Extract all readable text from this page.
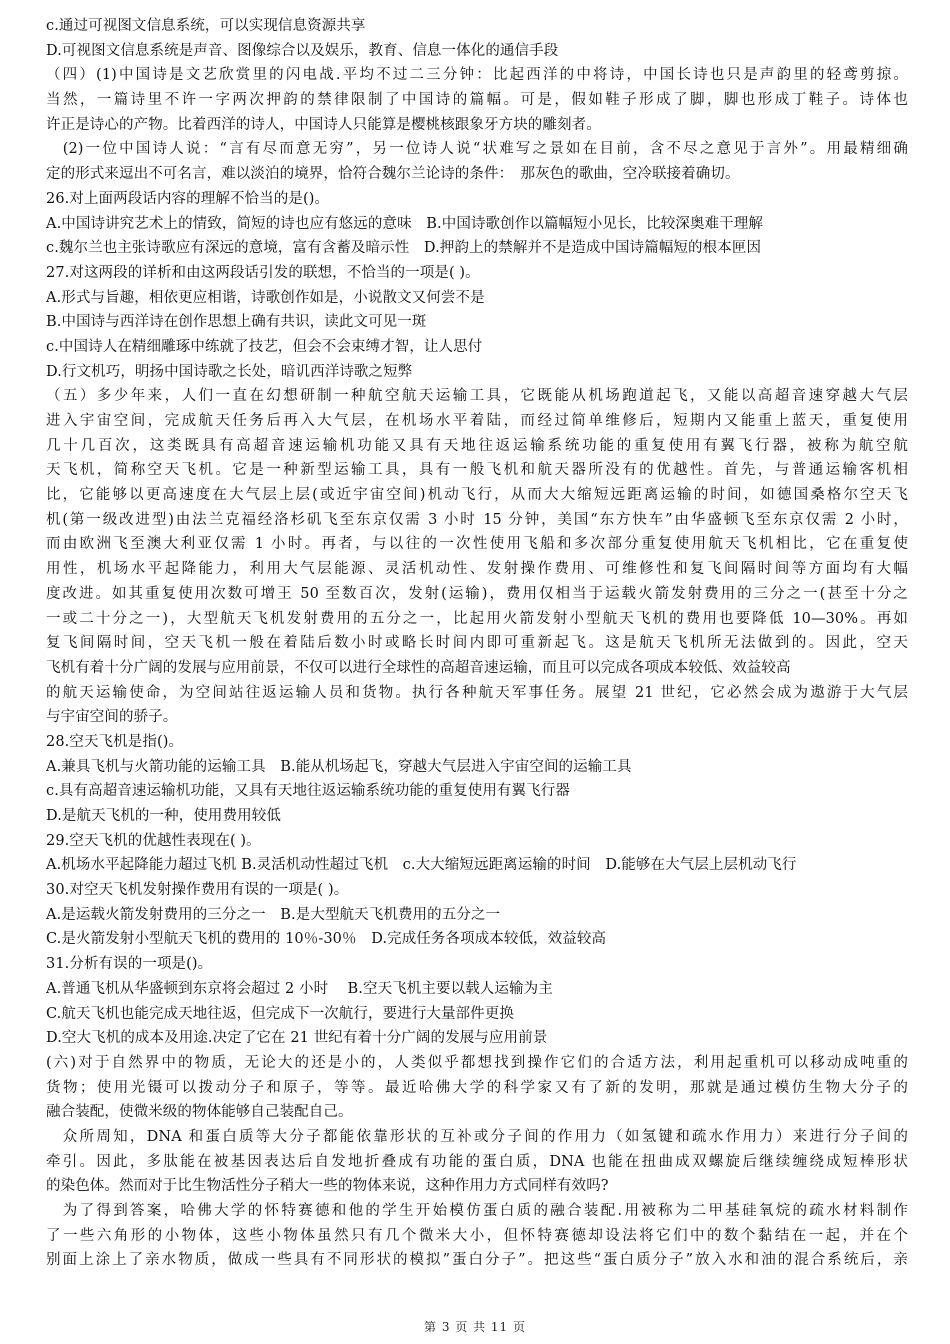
c.通过可视图文信息系统，可以实现信息资源共享
D.可视图文信息系统是声音、图像综合以及娱乐，教育、信息一体化的通信手段
（四）(1)中国诗是文艺欣赏里的闪电战.平均不过二三分钟：比起西洋的中将诗，中国长诗也只是声韵里的轻鸢剪掠。
当然，一篇诗里不许一字两次押韵的禁律限制了中国诗的篇幅。可是，假如鞋子形成了脚，脚也形成丁鞋子。诗体也
许正是诗心的产物。比着西洋的诗人，中国诗人只能算是樱桃核跟象牙方块的雕刻者。
　(2)一位中国诗人说：“言有尽而意无穷”，另一位诗人说“状难写之景如在目前，含不尽之意见于言外”。用最精细确
定的形式来逗出不可名言，难以淡泊的境界，恰符合魏尔兰论诗的条件：　那灰色的歌曲，空冷联接着确切。
26.对上面两段话内容的理解不恰当的是()。
A.中国诗讲究艺术上的情致，简短的诗也应有悠远的意味　B.中国诗歌创作以篇幅短小见长，比较深奥难干理解
c.魏尔兰也主张诗歌应有深远的意境，富有含蓄及暗示性　D.押韵上的禁解并不是造成中国诗篇幅短的根本匣因
27.对这两段的详析和由这两段话引发的联想，不恰当的一项是( )。
A.形式与旨趣，相依更应相谐，诗歌创作如是，小说散文又何尝不是
B.中国诗与西洋诗在创作思想上确有共识，读此文可见一斑
c.中国诗人在精细雕琢中练就了技艺，但会不会束缚才智，让人思付
D.行文机巧，明扬中国诗歌之长处，暗讥西洋诗歌之短弊
（五）多少年来，人们一直在幻想研制一种航空航天运输工具，它既能从机场跑道起飞，又能以高超音速穿越大气层
进入宇宙空间，完成航天任务后再入大气层，在机场水平着陆，而经过简单维修后，短期内又能重上蓝天，重复使用
几十几百次，这类既具有高超音速运输机功能又具有天地往返运输系统功能的重复使用有翼飞行器，被称为航空航
天飞机，简称空天飞机。它是一种新型运输工具，具有一般飞机和航天器所没有的优越性。首先，与普通运输客机相
比，它能够以更高速度在大气层上层(或近宇宙空间)机动飞行，从而大大缩短远距离运输的时间，如德国桑格尔空天飞
机(第一级改进型)由法兰克福经洛杉矶飞至东京仅需 3 小时 15 分钟，美国“东方快车”由华盛顿飞至东京仅需 2 小时，
而由欧洲飞至澳大利亚仅需 1 小时。再者，与以往的一次性使用飞船和多次部分重复使用航天飞机相比，它在重复使
用性，机场水平起降能力，利用大气层能源、灵活机动性、发射操作费用、可维修性和复飞间隔时间等方面均有大幅
度改进。如其重复使用次数可增王 50 至数百次，发射(运输)，费用仅相当于运载火箭发射费用的三分之一(甚至十分之
一或二十分之一)，大型航天飞机发射费用的五分之一，比起用火箭发射小型航天飞机的费用也要降低 10—30%。再如
复飞间隔时间，空天飞机一般在着陆后数小时或略长时间内即可重新起飞。这是航天飞机所无法做到的。因此，空天
飞机有着十分广阔的发展与应用前景，不仅可以进行全球性的高超音速运输，而且可以完成各项成本较低、效益较高
的航天运输使命，为空间站往返运输人员和货物。执行各种航天军事任务。展望 21 世纪，它必然会成为遨游于大气层
与宇宙空间的骄子。
28.空天飞机是指()。
A.兼具飞机与火箭功能的运输工具　B.能从机场起飞，穿越大气层进入宇宙空间的运输工具
c.具有高超音速运输机功能，又具有天地往返运输系统功能的重复使用有翼飞行器
D.是航天飞机的一种，使用费用较低
29.空天飞机的优越性表现在( )。
A.机场水平起降能力超过飞机 B.灵活机动性超过飞机　c.大大缩短远距离运输的时间　D.能够在大气层上层机动飞行
30.对空天飞机发射操作费用有误的一项是( )。
A.是运载火箭发射费用的三分之一　B.是大型航天飞机费用的五分之一
C.是火箭发射小型航天飞机的费用的 10％-30％　D.完成任务各项成本较低，效益较高
31.分析有误的一项是()。
A.普通飞机从华盛顿到东京将会超过 2 小时　 B.空天飞机主要以载人运输为主
C.航天飞机也能完成天地往返，但完成下一次航行，要进行大量部件更换
D.空大飞机的成本及用途.决定了它在 21 世纪有着十分广阔的发展与应用前景
(六)对于自然界中的物质，无论大的还是小的，人类似乎都想找到操作它们的合适方法，利用起重机可以移动成吨重的
货物；使用光镊可以拨动分子和原子，等等。最近哈佛大学的科学家又有了新的发明，那就是通过模仿生物大分子的
融合装配，使微米级的物体能够自己装配自己。
　众所周知，DNA 和蛋白质等大分子都能依靠形状的互补或分子间的作用力（如氢键和疏水作用力）来进行分子间的
牵引。因此，多肽能在被基因表达后自发地折叠成有功能的蛋白质，DNA 也能在扭曲成双螺旋后继续缠绕成短棒形状
的染色体。然而对于比生物活性分子稍大一些的物体来说，这种作用力方式同样有效吗?
　为了得到答案，哈佛大学的怀特赛德和他的学生开始模仿蛋白质的融合装配.用被称为二甲基硅氧烷的疏水材料制作
了一些六角形的小物体，这些小物体虽然只有几个微米大小，但怀特赛德却设法将它们中的数个黏结在一起，并在个
别面上涂上了亲水物质，做成一些具有不同形状的模拟”蛋白分子”。把这些“蛋白质分子”放入水和油的混合系统后，亲
第 3 页 共 11 页
